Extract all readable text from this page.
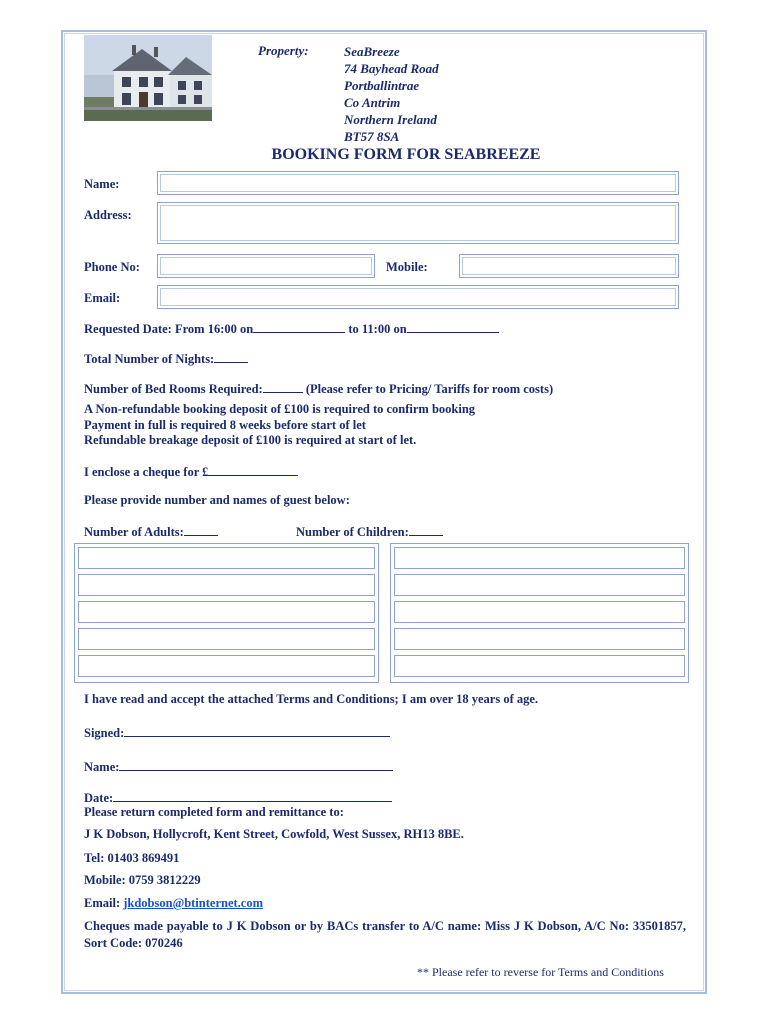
Property:	SeaBreeze
74 Bayhead Road
Portballintrae
Co Antrim
Northern Ireland
BT57 8SA
BOOKING FORM FOR SEABREEZE
Name:
Address:
Phone No:	Mobile:
Email:
Requested Date: From 16:00 on	to 11:00 on
Total Number of Nights:
Number of Bed Rooms Required:	(Please refer to Pricing/ Tariffs for room costs)
A Non-refundable booking deposit of £100 is required to confirm booking
Payment in full is required 8 weeks before start of let
Refundable breakage deposit of £100 is required at start of let.
I enclose a cheque for £
Please provide number and names of guest below:
Number of Adults:	Number of Children:
I have read and accept the attached Terms and Conditions; I am over 18 years of age.
Signed:
Name:
Date:
Please return completed form and remittance to:
J K Dobson, Hollycroft, Kent Street, Cowfold, West Sussex, RH13 8BE.
Tel: 01403 869491
Mobile: 0759 3812229
Email: jkdobson@btinternet.com
Cheques made payable to J K Dobson or by BACs transfer to A/C name: Miss J K Dobson, A/C No: 33501857, Sort Code: 070246
** Please refer to reverse for Terms and Conditions
